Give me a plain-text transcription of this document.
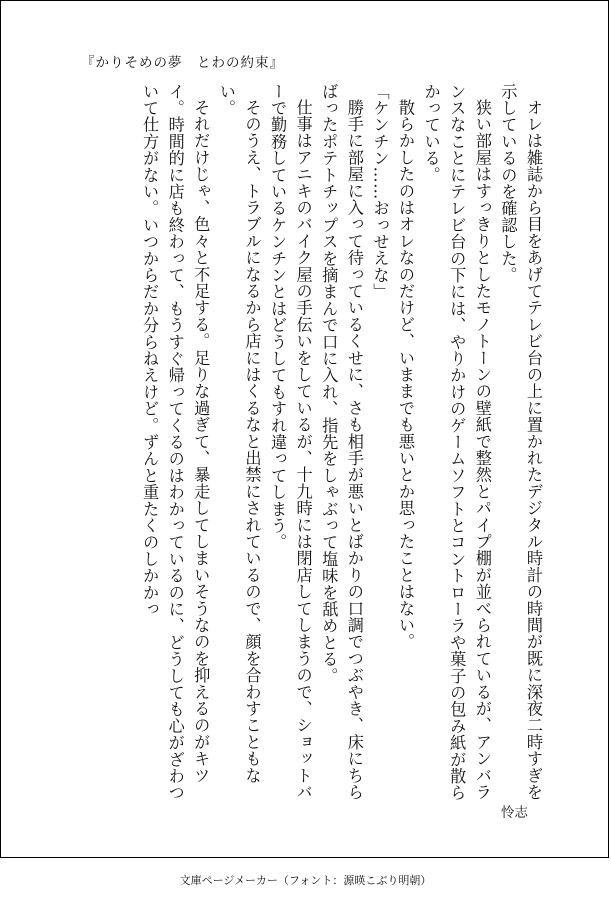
『かりそめの夢　とわの約束』

オレは雑誌から目をあげてテレビ台の上に置かれたデジタル時計の時間が既に深夜二時すぎを示しているのを確認した。

狭い部屋はすっきりとしたモノトーンの壁紙で整然とパイプ棚が並べられているが、アンバランスなことにテレビ台の下には、やりかけのゲームソフトとコントローラや菓子の包み紙が散らかっている。

散らかしたのはオレなのだけど、いままでも悪いとか思ったことはない。

「ケンチン……おっせえな」

勝手に部屋に入って待っているくせに、さも相手が悪いとばかりの口調でつぶやき、床にちらばったポテトチップスを摘まんで口に入れ、指先をしゃぶって塩味を舐めとる。

仕事はアニキのバイク屋の手伝いをしているが、十九時には閉店してしまうので、ショットバーで勤務しているケンチンとはどうしてもすれ違ってしまう。

そのうえ、トラブルになるから店にはくるなと出禁にされているので、顔を合わすこともない。

それだけじゃ、色々と不足する。足りな過ぎて、暴走してしまいそうなのを抑えるのがキツイ。時間的に店も終わって、もうすぐ帰ってくるのはわかっているのに、どうしても心がざわついて仕方がない。いつからだか分らねえけど。ずんと重たくのしかかっ

怜志
文庫ページメーカー（フォント：源暎こぶり明朝）
